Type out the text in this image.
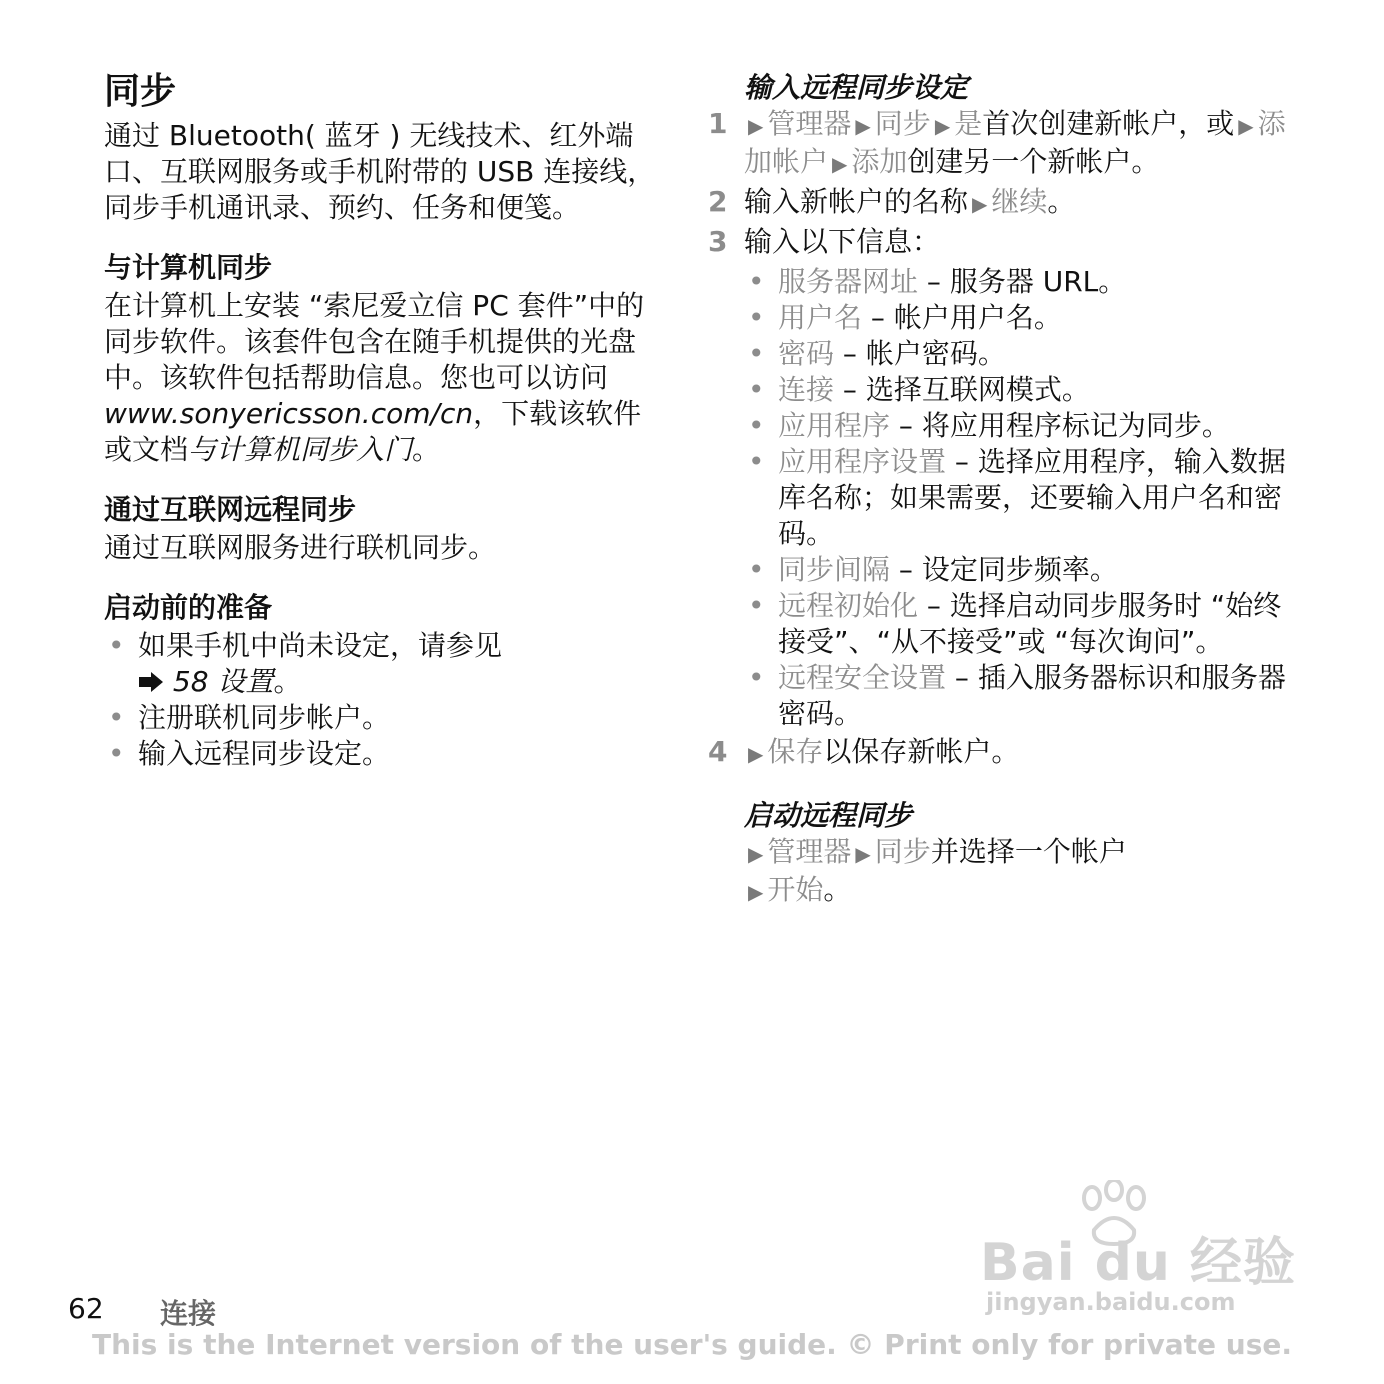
同步

通过 Bluetooth( 蓝牙 ) 无线技术、红外端口、互联网服务或手机附带的 USB 连接线，同步手机通讯录、预约、任务和便笺。

与计算机同步

在计算机上安装 “索尼爱立信 PC 套件”中的同步软件。该套件包含在随手机提供的光盘中。该软件包括帮助信息。您也可以访问www.sonyericsson.com/cn，下载该软件或文档与计算机同步入门。

通过互联网远程同步

通过互联网服务进行联机同步。

启动前的准备
• 如果手机中尚未设定，请参见
58 设置。
• 注册联机同步帐户。
• 输入远程同步设定。
输入远程同步设定
1 ▶ 管理器 ▶ 同步 ▶ 是首次创建新帐户，或 ▶ 添加帐户 ▶ 添加创建另一个新帐户。
2 输入新帐户的名称 ▶ 继续。
3 输入以下信息：
• 服务器网址 – 服务器 URL。
• 用户名 – 帐户用户名。
• 密码 – 帐户密码。
• 连接 – 选择互联网模式。
• 应用程序 – 将应用程序标记为同步。
• 应用程序设置 – 选择应用程序，输入数据库名称；如果需要，还要输入用户名和密码。
• 同步间隔 – 设定同步频率。
• 远程初始化 – 选择启动同步服务时 “始终接受”、“从不接受”或 “每次询问”。
• 远程安全设置 – 插入服务器标识和服务器密码。
4 ▶ 保存以保存新帐户。
启动远程同步
▶ 管理器 ▶ 同步并选择一个帐户
▶ 开始。
Bai du 经验
jingyan.baidu.com
62 连接
This is the Internet version of the user's guide. © Print only for private use.
